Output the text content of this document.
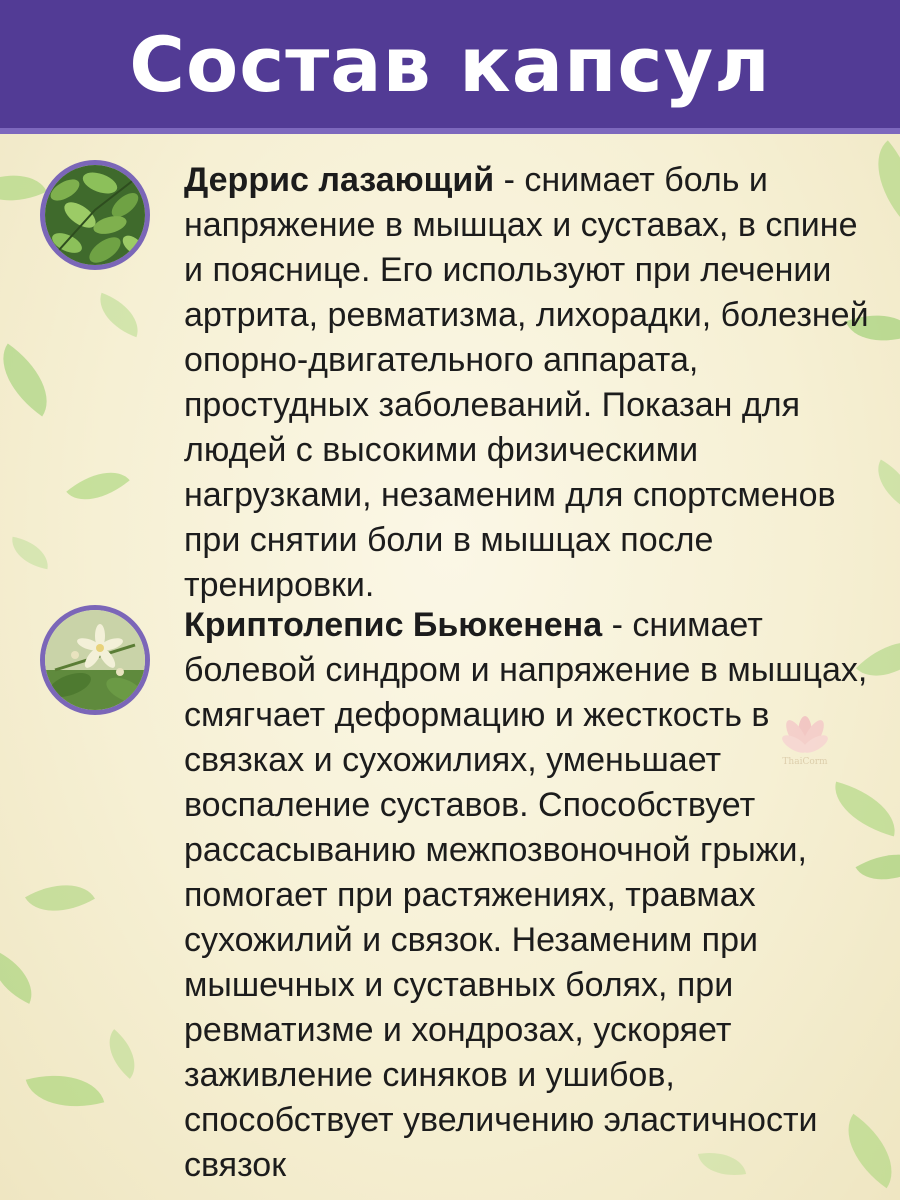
Состав капсул
Деррис лазающий - снимает боль и напряжение в мышцах и суставах, в спине и пояснице. Его используют при лечении артрита, ревматизма, лихорадки, болезней опорно-двигательного аппарата, простудных заболеваний. Показан для людей с высокими физическими нагрузками, незаменим для спортсменов при снятии боли в мышцах после тренировки.
Криптолепис Бьюкенена - снимает болевой синдром и напряжение в мышцах, смягчает деформацию и жесткость в связках и сухожилиях, уменьшает воспаление суставов. Способствует рассасыванию межпозвоночной грыжи, помогает при растяжениях, травмах сухожилий и связок. Незаменим при мышечных и суставных болях, при ревматизме и хондрозах, ускоряет заживление синяков и ушибов, способствует увеличению эластичности связок
ThaiCorm
